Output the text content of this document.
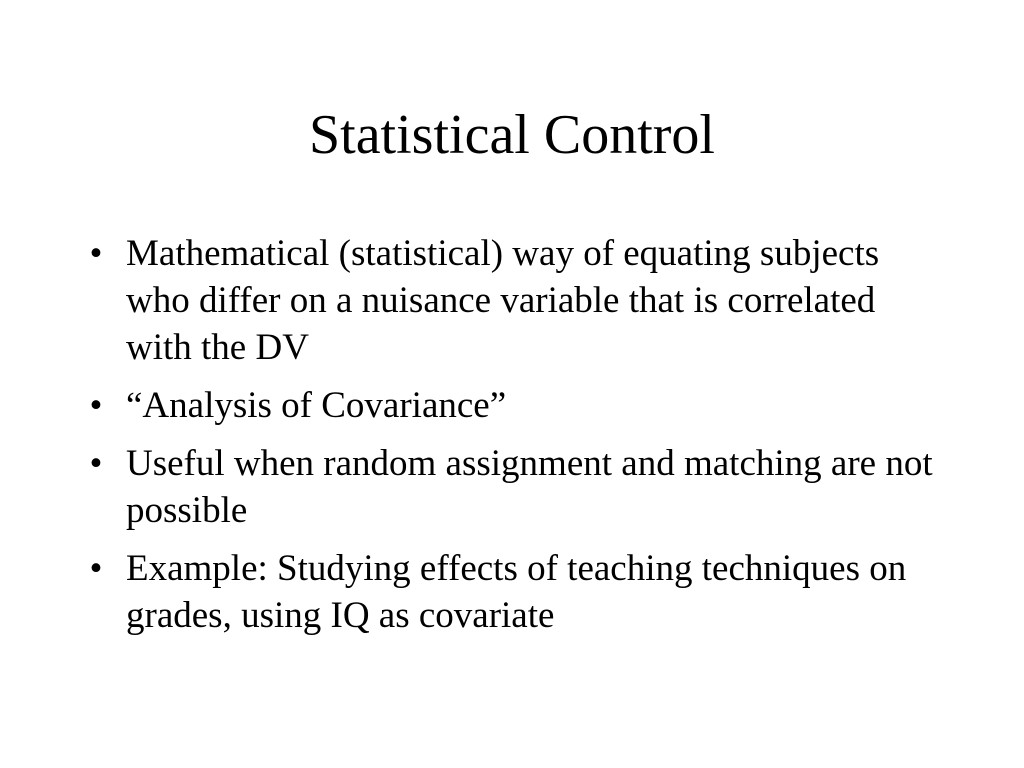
Statistical Control
• Mathematical (statistical) way of equating subjects who differ on a nuisance variable that is correlated with the DV
• “Analysis of Covariance”
• Useful when random assignment and matching are not possible
• Example: Studying effects of teaching techniques on grades, using IQ as covariate
